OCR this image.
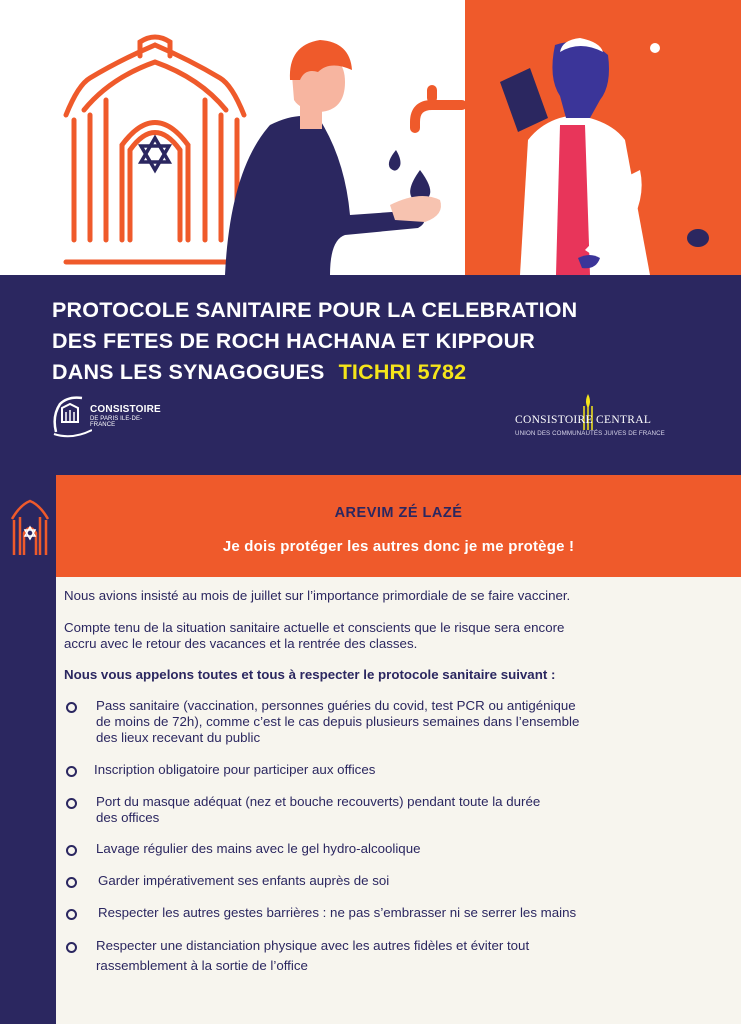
PROTOCOLE SANITAIRE POUR LA CELEBRATION
DES FETES DE ROCH HACHANA ET KIPPOUR
DANS LES SYNAGOGUES TICHRI 5782
CONSISTOIRE
DE PARIS ILE-DE-FRANCE	CONSISTOIRE CENTRAL
UNION DES COMMUNAUTÉS JUIVES DE FRANCE
AREVIM ZÉ LAZÉ
Je dois protéger les autres donc je me protège !

Nous avions insisté au mois de juillet sur l’importance primordiale de se faire vacciner.

Compte tenu de la situation sanitaire actuelle et conscients que le risque sera encore

accru avec le retour des vacances et la rentrée des classes.

Nous vous appelons toutes et tous à respecter le protocole sanitaire suivant :

Pass sanitaire (vaccination, personnes guéries du covid, test PCR ou antigénique
de moins de 72h), comme c’est le cas depuis plusieurs semaines dans l’ensemble
des lieux recevant du public
Inscription obligatoire pour participer aux offices
Port du masque adéquat (nez et bouche recouverts) pendant toute la durée
des offices
Lavage régulier des mains avec le gel hydro-alcoolique
Garder impérativement ses enfants auprès de soi
Respecter les autres gestes barrières : ne pas s’embrasser ni se serrer les mains
Respecter une distanciation physique avec les autres fidèles et éviter tout
rassemblement à la sortie de l’office
